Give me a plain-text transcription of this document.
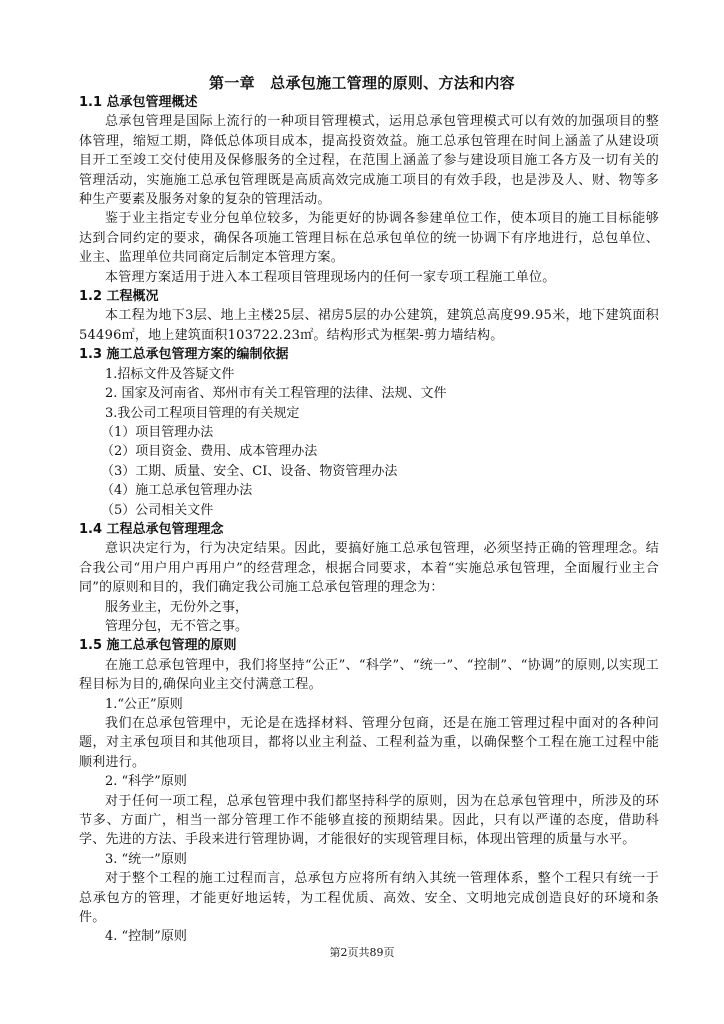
第一章　总承包施工管理的原则、方法和内容

1.1 总承包管理概述

总承包管理是国际上流行的一种项目管理模式，运用总承包管理模式可以有效的加强项目的整体管理，缩短工期，降低总体项目成本，提高投资效益。施工总承包管理在时间上涵盖了从建设项目开工至竣工交付使用及保修服务的全过程，在范围上涵盖了参与建设项目施工各方及一切有关的管理活动，实施施工总承包管理既是高质高效完成施工项目的有效手段，也是涉及人、财、物等多种生产要素及服务对象的复杂的管理活动。

鉴于业主指定专业分包单位较多，为能更好的协调各参建单位工作，使本项目的施工目标能够达到合同约定的要求，确保各项施工管理目标在总承包单位的统一协调下有序地进行，总包单位、业主、监理单位共同商定后制定本管理方案。

本管理方案适用于进入本工程项目管理现场内的任何一家专项工程施工单位。

1.2 工程概况

本工程为地下3层、地上主楼25层、裙房5层的办公建筑，建筑总高度99.95米，地下建筑面积54496㎡，地上建筑面积103722.23㎡。结构形式为框架-剪力墙结构。

1.3 施工总承包管理方案的编制依据

1.招标文件及答疑文件

2. 国家及河南省、郑州市有关工程管理的法律、法规、文件

3.我公司工程项目管理的有关规定

（1）项目管理办法

（2）项目资金、费用、成本管理办法

（3）工期、质量、安全、CI、设备、物资管理办法

（4）施工总承包管理办法

（5）公司相关文件

1.4 工程总承包管理理念

意识决定行为，行为决定结果。因此，要搞好施工总承包管理，必须坚持正确的管理理念。结合我公司“用户用户再用户”的经营理念，根据合同要求，本着“实施总承包管理，全面履行业主合同”的原则和目的，我们确定我公司施工总承包管理的理念为：

服务业主，无份外之事，

管理分包，无不管之事。

1.5 施工总承包管理的原则

在施工总承包管理中，我们将坚持“公正”、“科学”、“统一”、“控制”、“协调”的原则,以实现工程目标为目的,确保向业主交付满意工程。

1.“公正”原则

我们在总承包管理中，无论是在选择材料、管理分包商，还是在施工管理过程中面对的各种问题，对主承包项目和其他项目，都将以业主利益、工程利益为重，以确保整个工程在施工过程中能顺利进行。

2. “科学”原则

对于任何一项工程，总承包管理中我们都坚持科学的原则，因为在总承包管理中，所涉及的环节多、方面广，相当一部分管理工作不能够直接的预期结果。因此，只有以严谨的态度，借助科学、先进的方法、手段来进行管理协调，才能很好的实现管理目标，体现出管理的质量与水平。

3. “统一”原则

对于整个工程的施工过程而言，总承包方应将所有纳入其统一管理体系，整个工程只有统一于总承包方的管理，才能更好地运转，为工程优质、高效、安全、文明地完成创造良好的环境和条件。

4. “控制”原则

第2页共89页
